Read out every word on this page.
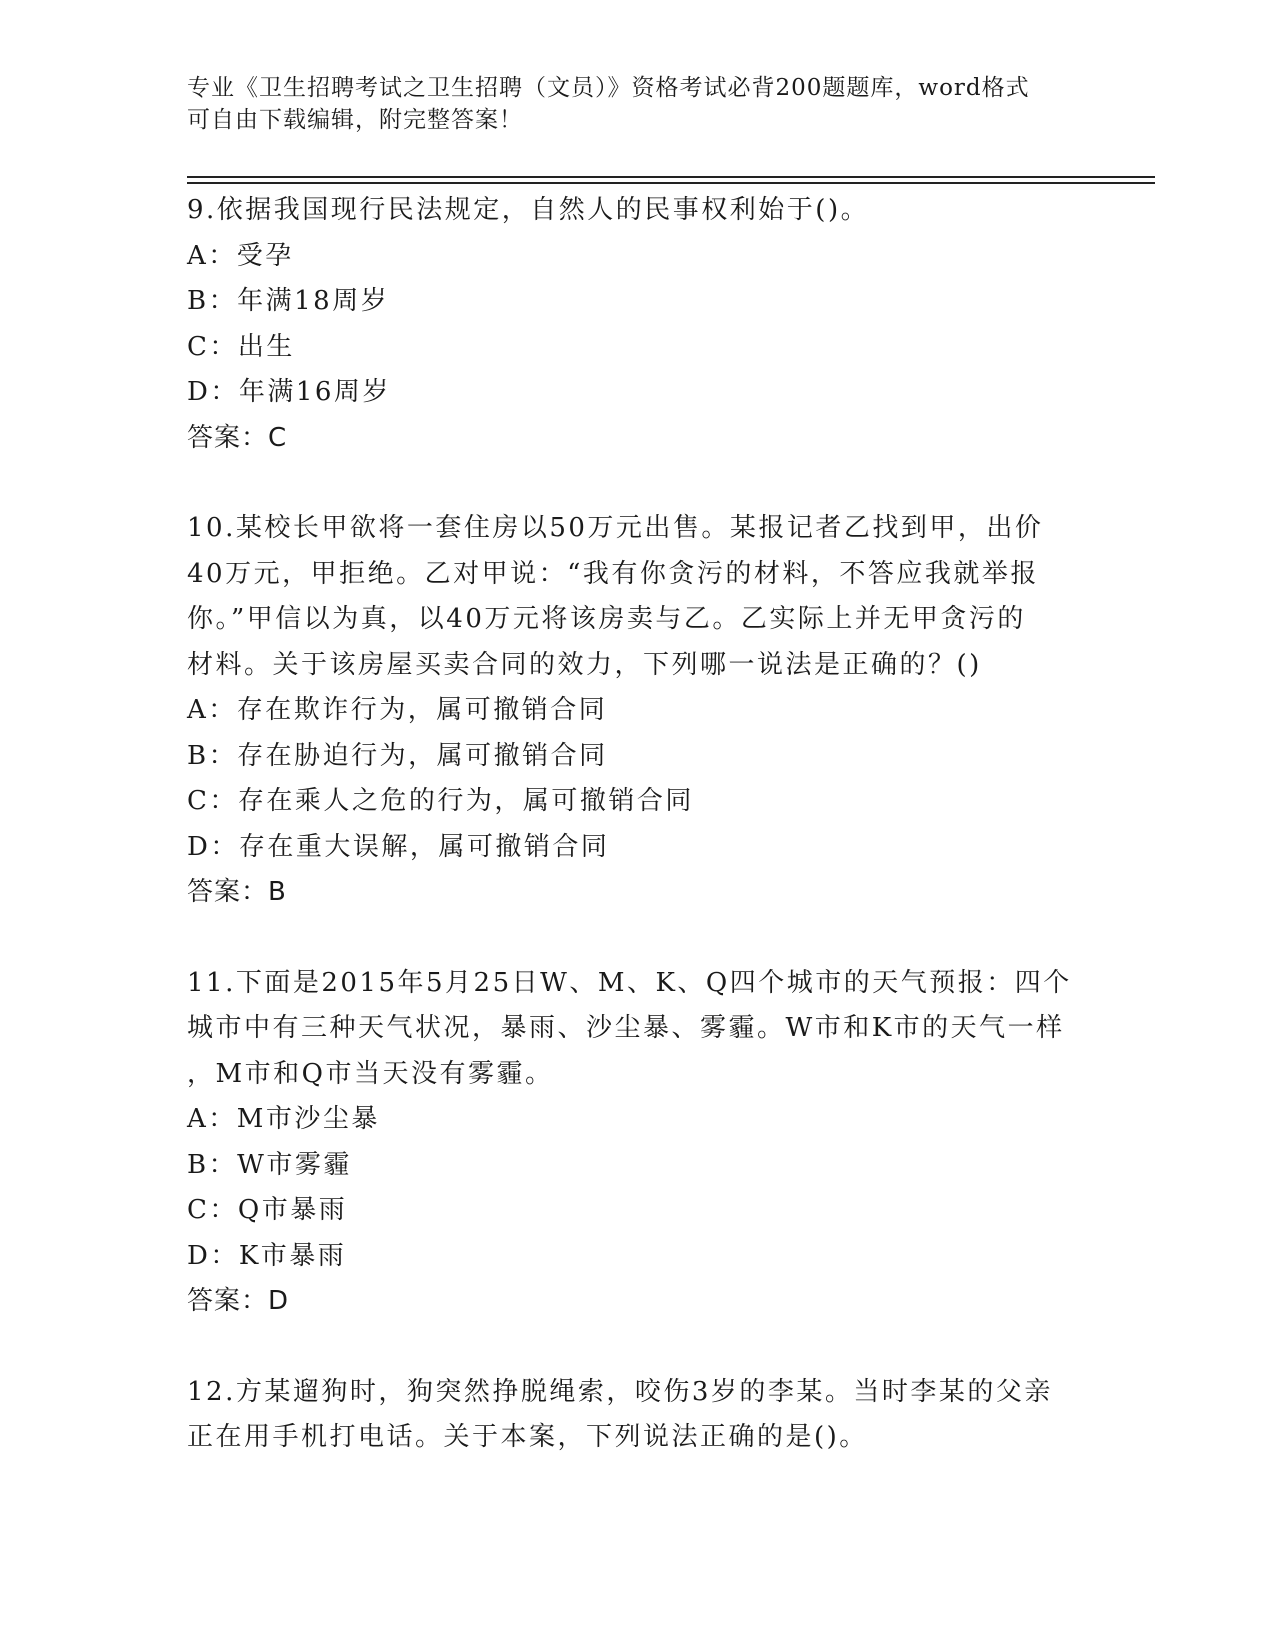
专业《卫生招聘考试之卫生招聘（文员）》资格考试必背200题题库，word格式
可自由下载编辑，附完整答案！
9.依据我国现行民法规定，自然人的民事权利始于()。
A：受孕
B：年满18周岁
C：出生
D：年满16周岁
答案：C
10.某校长甲欲将一套住房以50万元出售。某报记者乙找到甲，出价
40万元，甲拒绝。乙对甲说：“我有你贪污的材料，不答应我就举报
你。”甲信以为真，以40万元将该房卖与乙。乙实际上并无甲贪污的
材料。关于该房屋买卖合同的效力，下列哪一说法是正确的？()
A：存在欺诈行为，属可撤销合同
B：存在胁迫行为，属可撤销合同
C：存在乘人之危的行为，属可撤销合同
D：存在重大误解，属可撤销合同
答案：B
11.下面是2015年5月25日W、M、K、Q四个城市的天气预报：四个
城市中有三种天气状况，暴雨、沙尘暴、雾霾。W市和K市的天气一样
，M市和Q市当天没有雾霾。
A：M市沙尘暴
B：W市雾霾
C：Q市暴雨
D：K市暴雨
答案：D
12.方某遛狗时，狗突然挣脱绳索，咬伤3岁的李某。当时李某的父亲
正在用手机打电话。关于本案，下列说法正确的是()。
